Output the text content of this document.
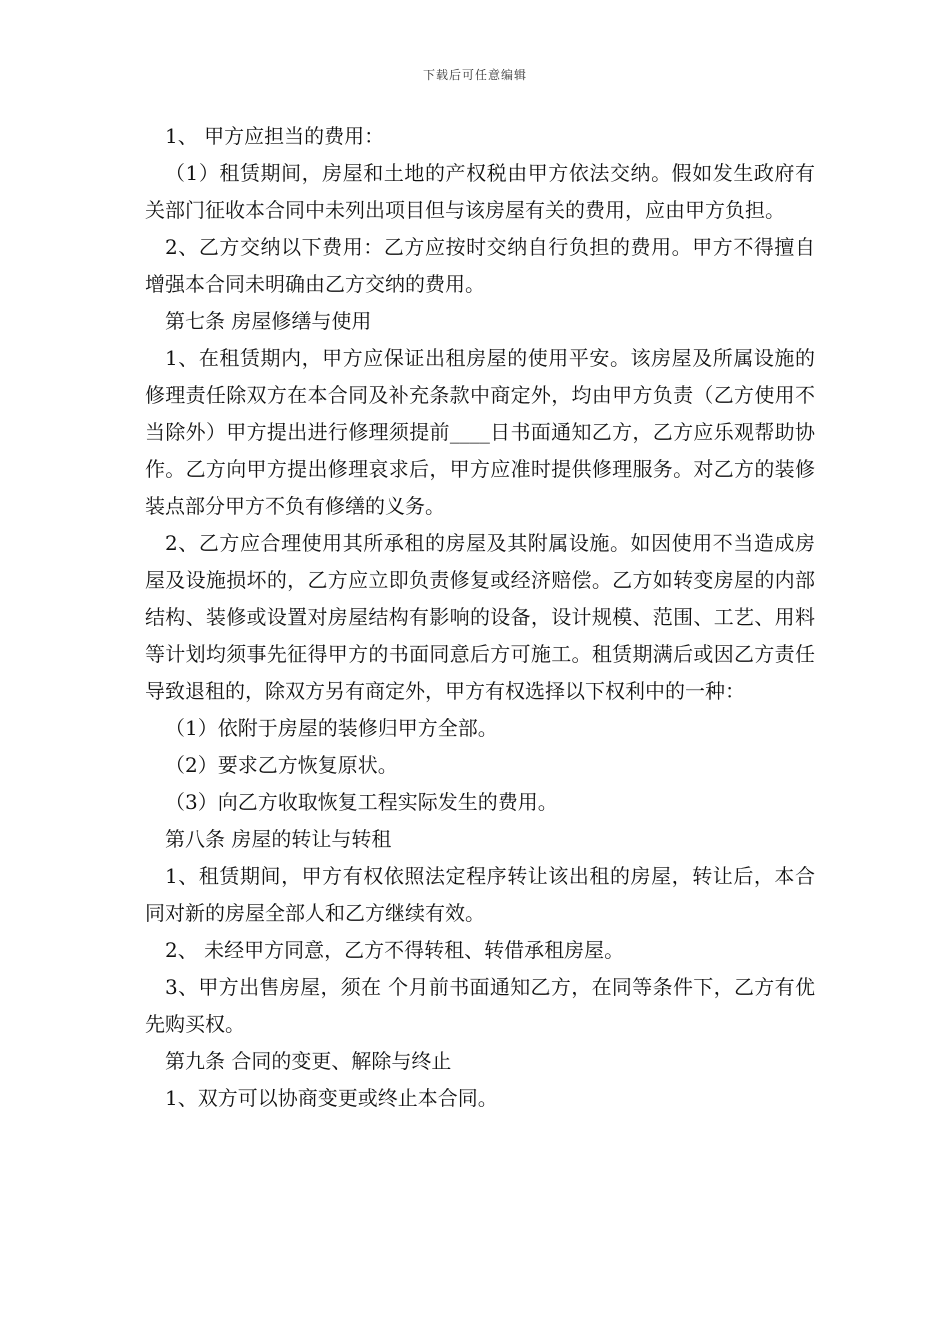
下载后可任意编辑

1、 甲方应担当的费用：

（1）租赁期间，房屋和土地的产权税由甲方依法交纳。假如发生政府有关部门征收本合同中未列出项目但与该房屋有关的费用，应由甲方负担。

2、乙方交纳以下费用：乙方应按时交纳自行负担的费用。甲方不得擅自增强本合同未明确由乙方交纳的费用。

第七条 房屋修缮与使用

1、在租赁期内，甲方应保证出租房屋的使用平安。该房屋及所属设施的修理责任除双方在本合同及补充条款中商定外，均由甲方负责（乙方使用不当除外）甲方提出进行修理须提前____日书面通知乙方，乙方应乐观帮助协作。乙方向甲方提出修理哀求后，甲方应准时提供修理服务。对乙方的装修装点部分甲方不负有修缮的义务。

2、乙方应合理使用其所承租的房屋及其附属设施。如因使用不当造成房屋及设施损坏的，乙方应立即负责修复或经济赔偿。乙方如转变房屋的内部结构、装修或设置对房屋结构有影响的设备，设计规模、范围、工艺、用料等计划均须事先征得甲方的书面同意后方可施工。租赁期满后或因乙方责任导致退租的，除双方另有商定外，甲方有权选择以下权利中的一种：

（1）依附于房屋的装修归甲方全部。

（2）要求乙方恢复原状。

（3）向乙方收取恢复工程实际发生的费用。

第八条 房屋的转让与转租

1、租赁期间，甲方有权依照法定程序转让该出租的房屋，转让后，本合同对新的房屋全部人和乙方继续有效。

2、 未经甲方同意，乙方不得转租、转借承租房屋。

3、甲方出售房屋，须在 个月前书面通知乙方，在同等条件下，乙方有优先购买权。

第九条 合同的变更、解除与终止

1、双方可以协商变更或终止本合同。
